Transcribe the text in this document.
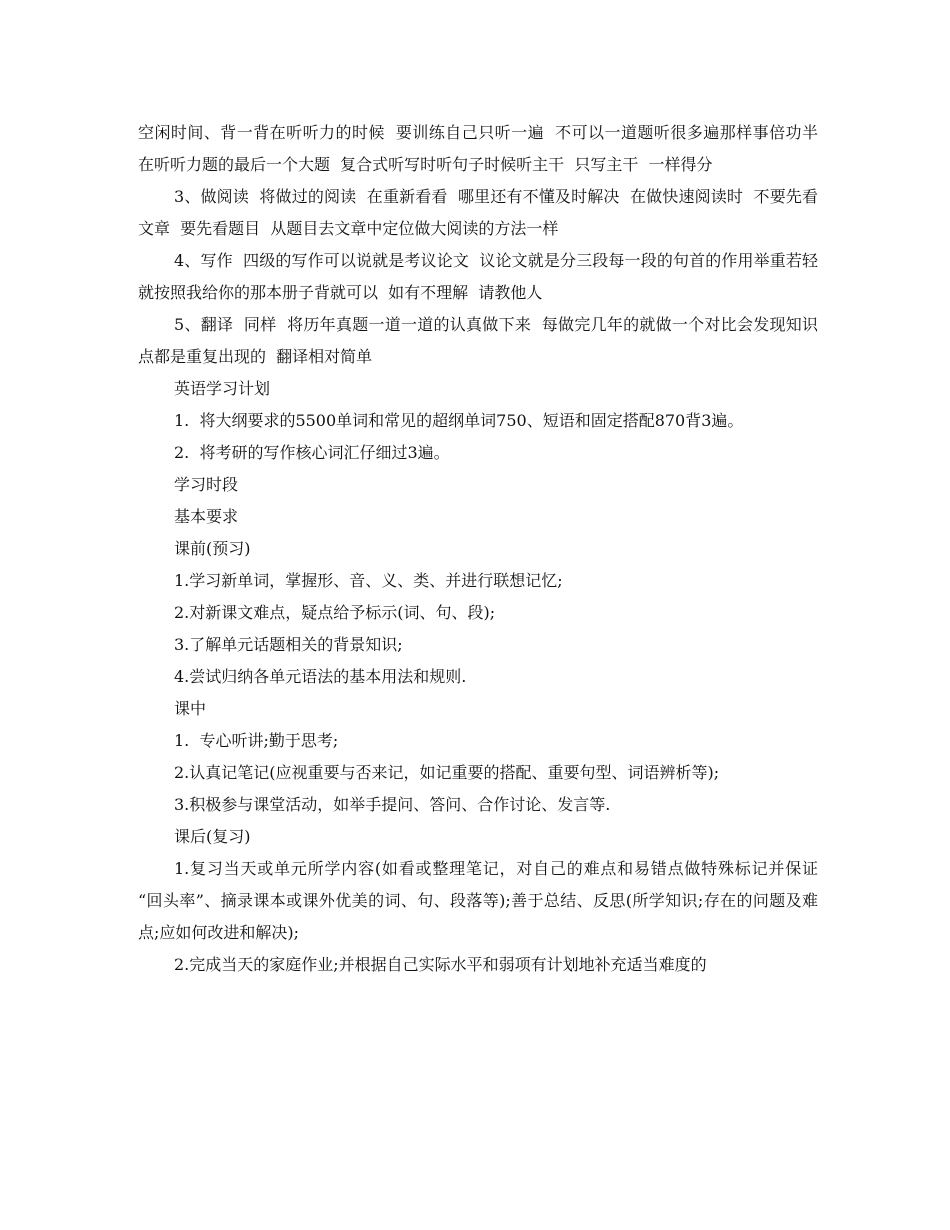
空闲时间、背一背在听听力的时候  要训练自己只听一遍  不可以一道题听很多遍那样事倍功半  在听听力题的最后一个大题  复合式听写时听句子时候听主干  只写主干  一样得分

3、做阅读  将做过的阅读  在重新看看  哪里还有不懂及时解决  在做快速阅读时  不要先看文章  要先看题目  从题目去文章中定位做大阅读的方法一样

4、写作  四级的写作可以说就是考议论文  议论文就是分三段每一段的句首的作用举重若轻  就按照我给你的那本册子背就可以  如有不理解  请教他人

5、翻译  同样  将历年真题一道一道的认真做下来  每做完几年的就做一个对比会发现知识点都是重复出现的  翻译相对简单

英语学习计划

1.  将大纲要求的5500单词和常见的超纲单词750、短语和固定搭配870背3遍。

2.  将考研的写作核心词汇仔细过3遍。

学习时段

基本要求

课前(预习)

1.学习新单词，掌握形、音、义、类、并进行联想记忆;

2.对新课文难点，疑点给予标示(词、句、段);

3.了解单元话题相关的背景知识;

4.尝试归纳各单元语法的基本用法和规则.

课中

1.  专心听讲;勤于思考;

2.认真记笔记(应视重要与否来记，如记重要的搭配、重要句型、词语辨析等);

3.积极参与课堂活动，如举手提问、答问、合作讨论、发言等.

课后(复习)

1.复习当天或单元所学内容(如看或整理笔记，对自己的难点和易错点做特殊标记并保证  “回头率”、摘录课本或课外优美的词、句、段落等);善于总结、反思(所学知识;存在的问题及难点;应如何改进和解决);

2.完成当天的家庭作业;并根据自己实际水平和弱项有计划地补充适当难度的
